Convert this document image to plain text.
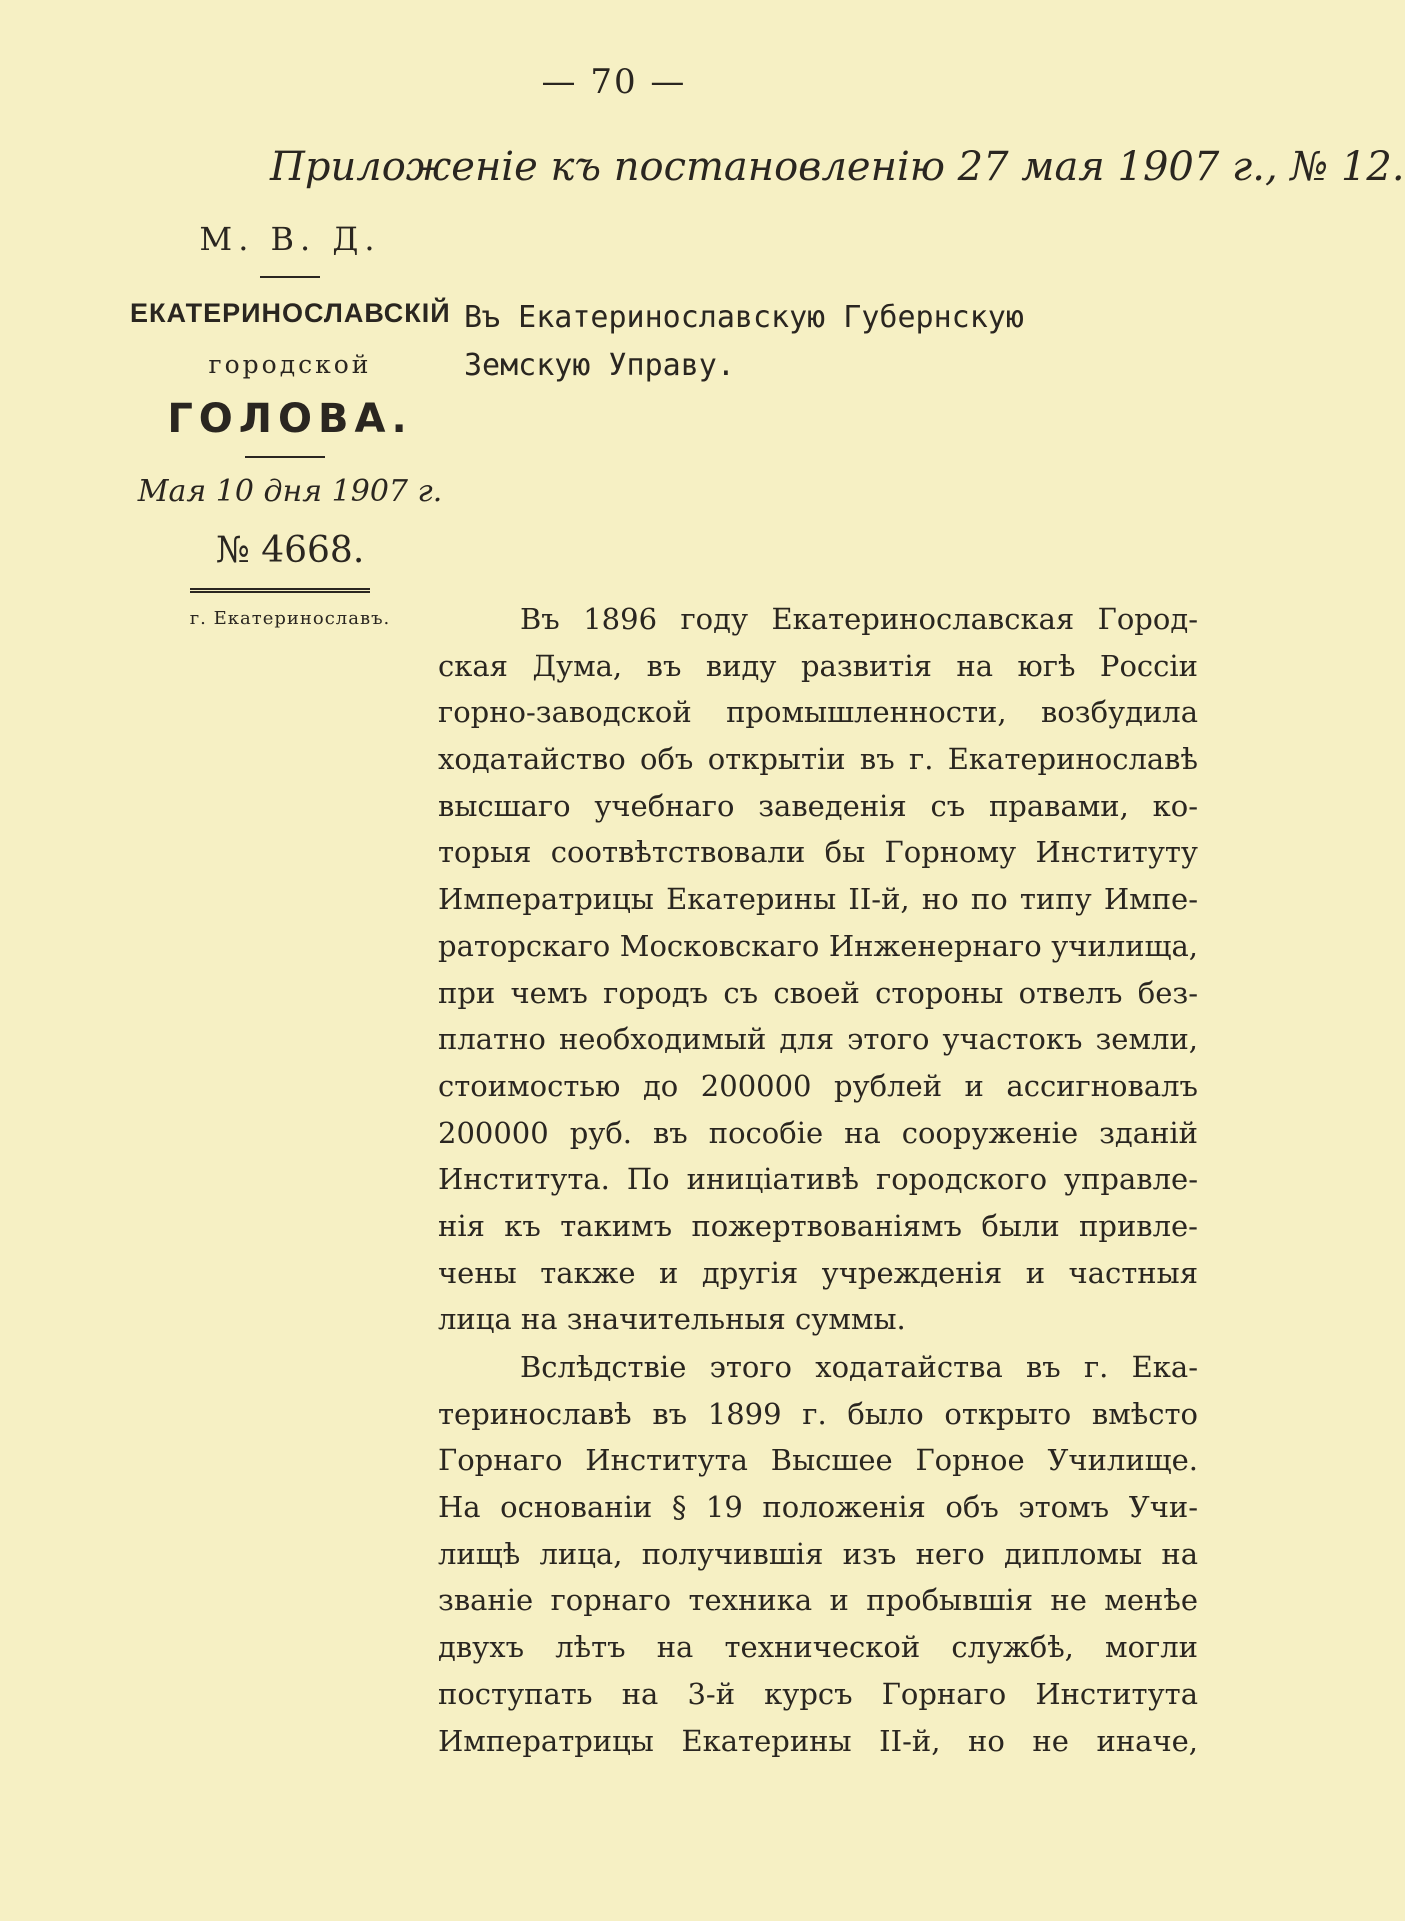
— 70 —
Приложеніе къ постановленію 27 мая 1907 г., № 12.
М. В. Д.
ЕКАТЕРИНОСЛАВСКІЙ
городской
ГОЛОВА.
Мая 10 дня 1907 г.
№ 4668.
г. Екатеринославъ.
Въ Екатеринославскую Губернскую
Земскую Управу.
Въ 1896 году Екатеринославская Город-
ская Дума, въ виду развитія на югѣ Россіи
горно-заводской промышленности, возбудила
ходатайство объ открытіи въ г. Екатеринославѣ
высшаго учебнаго заведенія съ правами, ко-
торыя соотвѣтствовали бы Горному Институту
Императрицы Екатерины II-й, но по типу Импе-
раторскаго Московскаго Инженернаго училища,
при чемъ городъ съ своей стороны отвелъ без-
платно необходимый для этого участокъ земли,
стоимостью до 200000 рублей и ассигновалъ
200000 руб. въ пособіе на сооруженіе зданій
Института. По иниціативѣ городского управле-
нія къ такимъ пожертвованіямъ были привле-
чены также и другія учрежденія и частныя
лица на значительныя суммы.
Вслѣдствіе этого ходатайства въ г. Ека-
теринославѣ въ 1899 г. было открыто вмѣсто
Горнаго Института Высшее Горное Училище.
На основаніи § 19 положенія объ этомъ Учи-
лищѣ лица, получившія изъ него дипломы на
званіе горнаго техника и пробывшія не менѣе
двухъ лѣтъ на технической службѣ, могли
поступать на 3-й курсъ Горнаго Института
Императрицы Екатерины II-й, но не иначе,
